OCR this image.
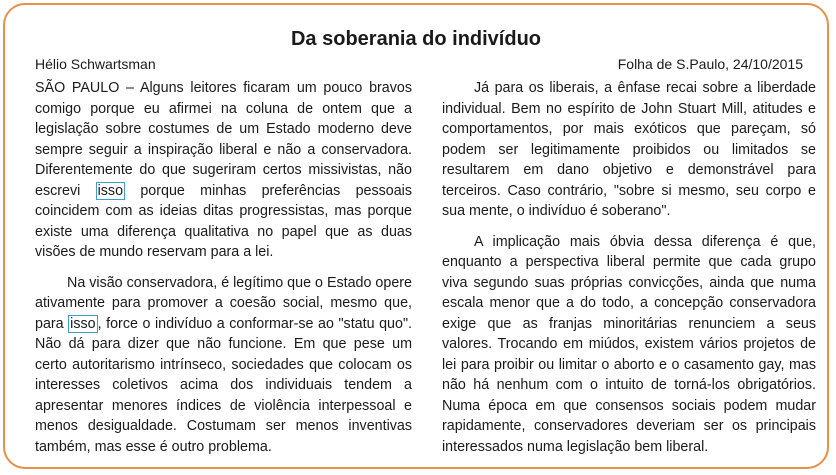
Da soberania do indivíduo
Hélio Schwartsman	Folha de S.Paulo, 24/10/2015

SÃO PAULO – Alguns leitores ficaram um pouco bravos comigo porque eu afirmei na coluna de ontem que a legislação sobre costumes de um Estado moderno deve sempre seguir a inspiração liberal e não a conservadora. Diferentemente do que sugeriram certos missivistas, não escrevi isso porque minhas preferências pessoais coincidem com as ideias ditas progressistas, mas porque existe uma diferença qualitativa no papel que as duas visões de mundo reservam para a lei.

Na visão conservadora, é legítimo que o Estado opere ativamente para promover a coesão social, mesmo que, para isso , force o indivíduo a conformar-se ao "statu quo". Não dá para dizer que não funcione. Em que pese um certo autoritarismo intrínseco, sociedades que colocam os interesses coletivos acima dos individuais tendem a apresentar menores índices de violência interpessoal e menos desigualdade. Costumam ser menos inventivas também, mas esse é outro problema.

Já para os liberais, a ênfase recai sobre a liberdade individual. Bem no espírito de John Stuart Mill, atitudes e comportamentos, por mais exóticos que pareçam, só podem ser legitimamente proibidos ou limitados se resultarem em dano objetivo e demonstrável para terceiros. Caso contrário, "sobre si mesmo, seu corpo e sua mente, o indivíduo é soberano".

A implicação mais óbvia dessa diferença é que, enquanto a perspectiva liberal permite que cada grupo viva segundo suas próprias convicções, ainda que numa escala menor que a do todo, a concepção conservadora exige que as franjas minoritárias renunciem a seus valores. Trocando em miúdos, existem vários projetos de lei para proibir ou limitar o aborto e o casamento gay, mas não há nenhum com o intuito de torná-los obrigatórios. Numa época em que consensos sociais podem mudar rapidamente, conservadores deveriam ser os principais interessados numa legislação bem liberal.
